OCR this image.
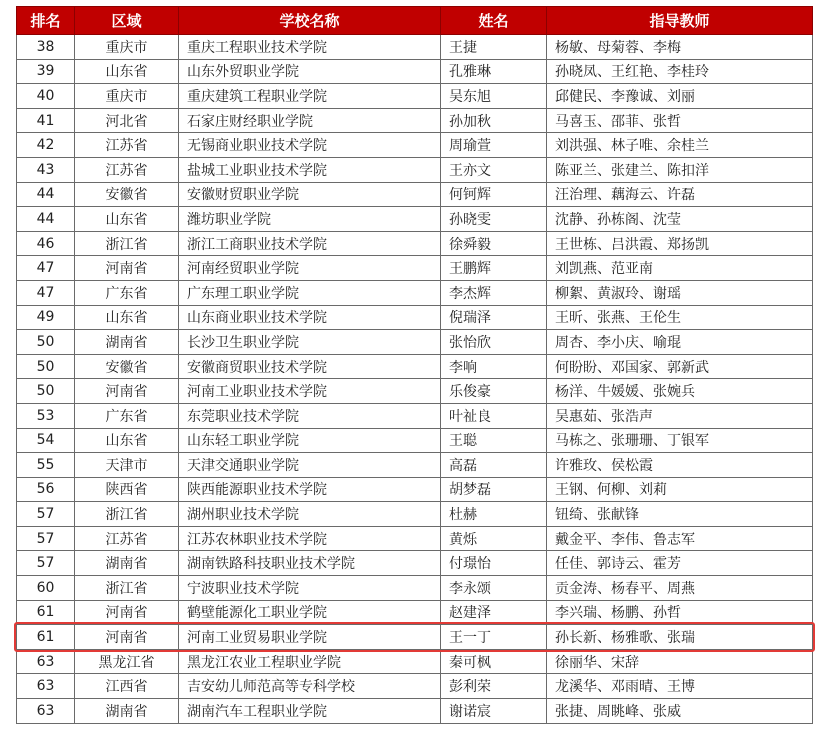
排名	区域	学校名称	姓名	指导教师
38	重庆市	重庆工程职业技术学院	王捷	杨敏、母菊蓉、李梅
39	山东省	山东外贸职业学院	孔雅琳	孙晓凤、王红艳、李桂玲
40	重庆市	重庆建筑工程职业学院	吴东旭	邱健民、李豫诚、刘丽
41	河北省	石家庄财经职业学院	孙加秋	马喜玉、邵菲、张哲
42	江苏省	无锡商业职业技术学院	周瑜萱	刘洪强、林子唯、余桂兰
43	江苏省	盐城工业职业技术学院	王亦文	陈亚兰、张建兰、陈扣洋
44	安徽省	安徽财贸职业学院	何钶辉	汪治理、藕海云、许磊
44	山东省	潍坊职业学院	孙晓雯	沈静、孙栋阁、沈莹
46	浙江省	浙江工商职业技术学院	徐舜毅	王世栋、吕洪霞、郑扬凯
47	河南省	河南经贸职业学院	王鹏辉	刘凯燕、范亚南
47	广东省	广东理工职业学院	李杰辉	柳絮、黄淑玲、谢瑶
49	山东省	山东商业职业技术学院	倪瑞泽	王昕、张燕、王伦生
50	湖南省	长沙卫生职业学院	张怡欣	周杏、李小庆、喻琨
50	安徽省	安徽商贸职业技术学院	李响	何盼盼、邓国家、郭新武
50	河南省	河南工业职业技术学院	乐俊豪	杨洋、牛媛媛、张婉兵
53	广东省	东莞职业技术学院	叶祉良	吴惠茹、张浩声
54	山东省	山东轻工职业学院	王聪	马栋之、张珊珊、丁银军
55	天津市	天津交通职业学院	高磊	许雅玫、侯松霞
56	陕西省	陕西能源职业技术学院	胡梦磊	王钢、何柳、刘莉
57	浙江省	湖州职业技术学院	杜赫	钮绮、张献锋
57	江苏省	江苏农林职业技术学院	黄烁	戴金平、李伟、鲁志军
57	湖南省	湖南铁路科技职业技术学院	付璟怡	任佳、郭诗云、霍芳
60	浙江省	宁波职业技术学院	李永颂	贡金涛、杨春平、周燕
61	河南省	鹤壁能源化工职业学院	赵建泽	李兴瑞、杨鹏、孙哲
61	河南省	河南工业贸易职业学院	王一丁	孙长新、杨雅歌、张瑞
63	黑龙江省	黑龙江农业工程职业学院	秦可枫	徐丽华、宋辞
63	江西省	吉安幼儿师范高等专科学校	彭利荣	龙溪华、邓雨晴、王博
63	湖南省	湖南汽车工程职业学院	谢诺宸	张捷、周眺峰、张威
